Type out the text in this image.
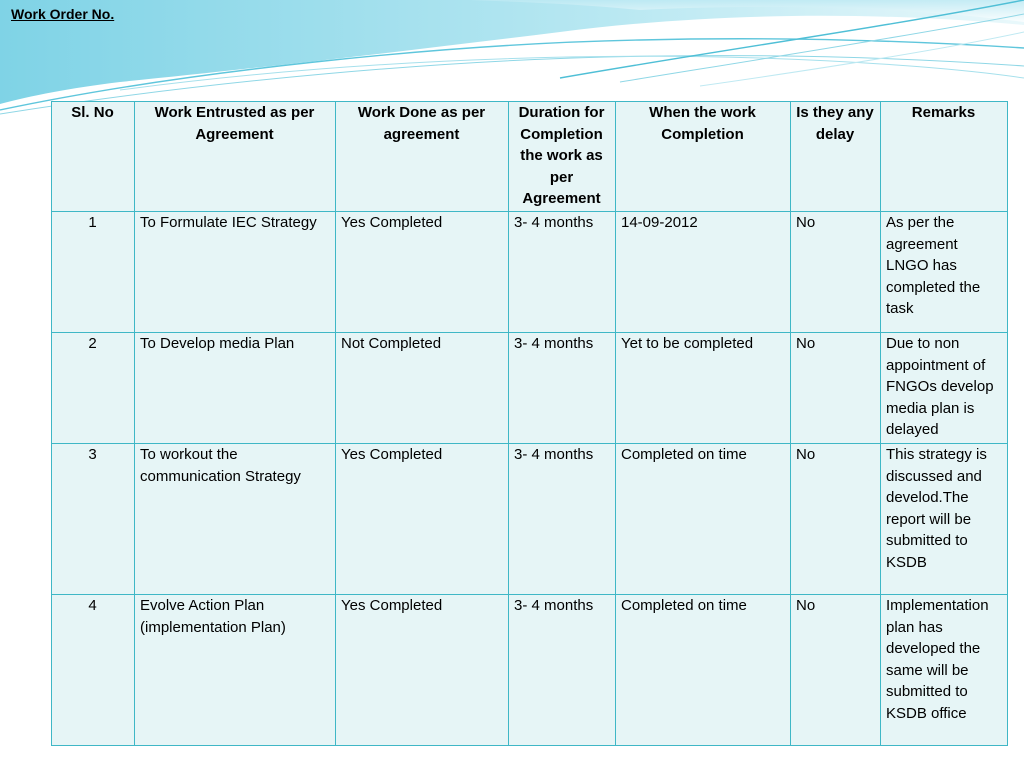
Work Order No.
Sl. No	Work Entrusted as per Agreement	Work Done as per agreement	Duration for Completion the work as per Agreement	When the work Completion	Is they any delay	Remarks
1	To Formulate IEC Strategy	Yes Completed	3- 4 months	14-09-2012	No	As per the agreement LNGO has completed the task
2	To Develop media Plan	Not Completed	3- 4 months	Yet to be completed	No	Due to non appointment of FNGOs develop media plan is delayed
3	To workout the communication Strategy	Yes Completed	3- 4 months	Completed on time	No	This strategy is discussed and develod.The report will be submitted to KSDB
4	Evolve Action Plan (implementation Plan)	Yes Completed	3- 4 months	Completed on time	No	Implementation plan has developed the same will be submitted to KSDB office
